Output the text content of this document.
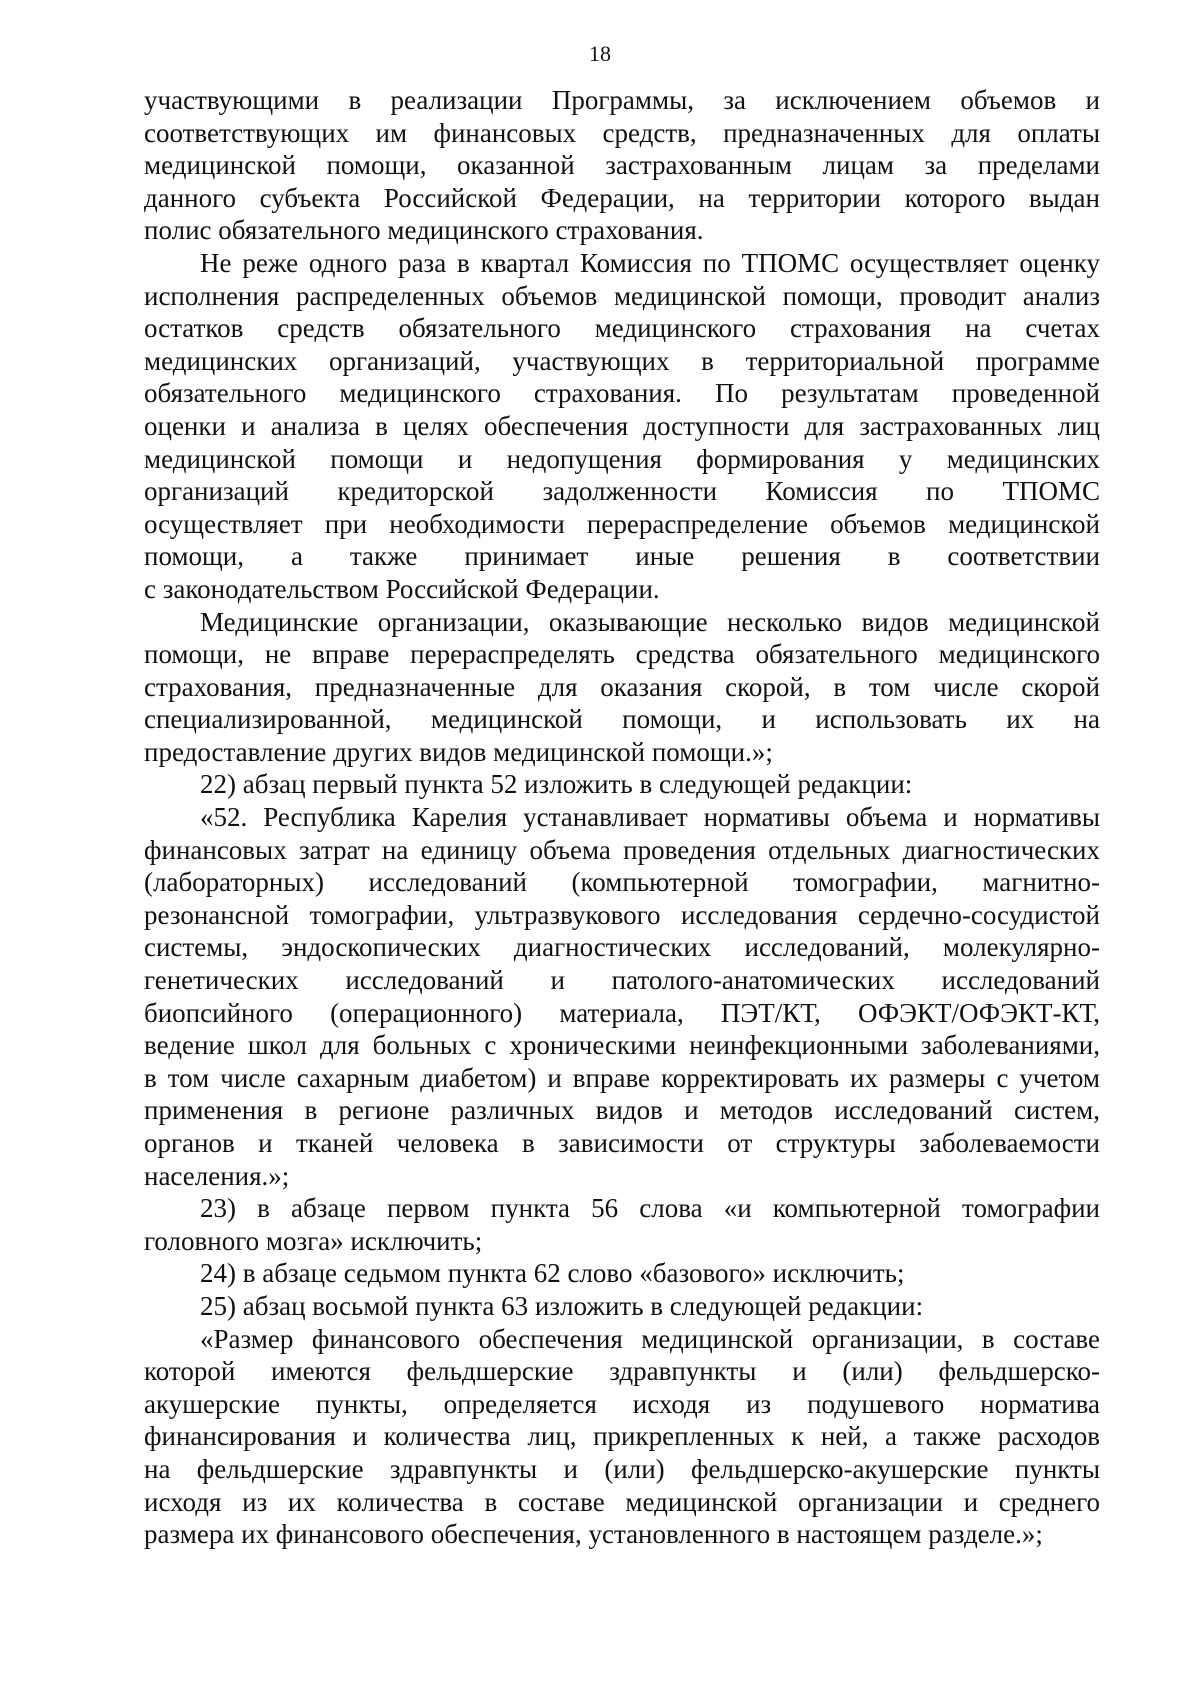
18
участвующими в реализации Программы, за исключением объемов и
соответствующих им финансовых средств, предназначенных для оплаты
медицинской помощи, оказанной застрахованным лицам за пределами
данного субъекта Российской Федерации, на территории которого выдан
полис обязательного медицинского страхования.
Не реже одного раза в квартал Комиссия по ТПОМС осуществляет оценку
исполнения распределенных объемов медицинской помощи, проводит анализ
остатков средств обязательного медицинского страхования на счетах
медицинских организаций, участвующих в территориальной программе
обязательного медицинского страхования. По результатам проведенной
оценки и анализа в целях обеспечения доступности для застрахованных лиц
медицинской помощи и недопущения формирования у медицинских
организаций кредиторской задолженности Комиссия по ТПОМС
осуществляет при необходимости перераспределение объемов медицинской
помощи, а также принимает иные решения в соответствии
с законодательством Российской Федерации.
Медицинские организации, оказывающие несколько видов медицинской
помощи, не вправе перераспределять средства обязательного медицинского
страхования, предназначенные для оказания скорой, в том числе скорой
специализированной, медицинской помощи, и использовать их на
предоставление других видов медицинской помощи.»;
22) абзац первый пункта 52 изложить в следующей редакции:
«52. Республика Карелия устанавливает нормативы объема и нормативы
финансовых затрат на единицу объема проведения отдельных диагностических
(лабораторных) исследований (компьютерной томографии, магнитно-
резонансной томографии, ультразвукового исследования сердечно-сосудистой
системы, эндоскопических диагностических исследований, молекулярно-
генетических исследований и патолого-анатомических исследований
биопсийного (операционного) материала, ПЭТ/КТ, ОФЭКТ/ОФЭКТ-КТ,
ведение школ для больных с хроническими неинфекционными заболеваниями,
в том числе сахарным диабетом) и вправе корректировать их размеры с учетом
применения в регионе различных видов и методов исследований систем,
органов и тканей человека в зависимости от структуры заболеваемости
населения.»;
23) в абзаце первом пункта 56 слова «и компьютерной томографии
головного мозга» исключить;
24) в абзаце седьмом пункта 62 слово «базового» исключить;
25) абзац восьмой пункта 63 изложить в следующей редакции:
«Размер финансового обеспечения медицинской организации, в составе
которой имеются фельдшерские здравпункты и (или) фельдшерско-
акушерские пункты, определяется исходя из подушевого норматива
финансирования и количества лиц, прикрепленных к ней, а также расходов
на фельдшерские здравпункты и (или) фельдшерско-акушерские пункты
исходя из их количества в составе медицинской организации и среднего
размера их финансового обеспечения, установленного в настоящем разделе.»;
